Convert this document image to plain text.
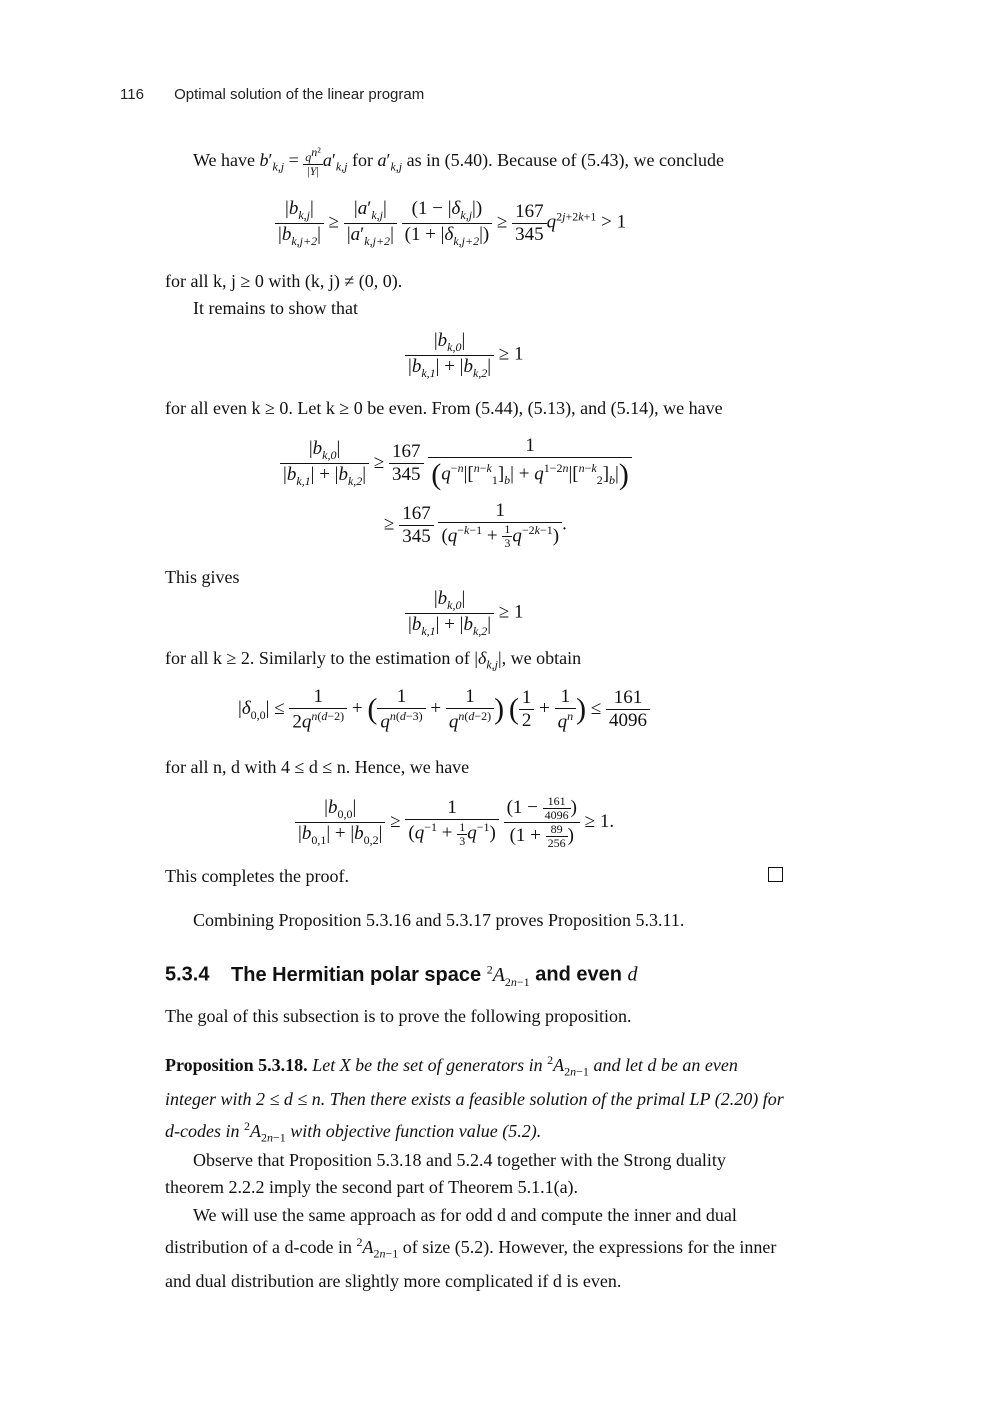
116 Optimal solution of the linear program
We have $b'_{k,j} = \frac{q^{n^2}}{|Y|} a'_{k,j}$ for $a'_{k,j}$ as in (5.40). Because of (5.43), we conclude
$\frac{|b_{k,j}|}{|b_{k,j+2}|} \ge \frac{|a'_{k,j}|}{|a'_{k,j+2}|}$
$\frac{(1 - |\delta_{k,j}|)}{(1 + |\delta_{k,j+2}|)} \ge \frac{167}{345} q^{2j+2k+1} > 1$
for all k, j ≥ 0 with (k, j) ≠ (0, 0).
It remains to show that
$\frac{|b_{k,0}|}{|b_{k,1}| + |b_{k,2}|} \ge 1$
for all even k ≥ 0. Let k ≥ 0 be even. From (5.44), (5.13), and (5.14), we have
$\frac{|b_{k,0}|}{|b_{k,1}| + |b_{k,2}|} \ge \frac{167}{345}$
$\frac{1}{(q^{-n}|[^{n-k}_1]_b| + q^{1-2n}|[^{n-k}_2]_b|)}$
≥ $\frac{167}{345}$
$\frac{1}{(q^{-k-1} + \frac{1}{3} q^{-2k-1})}$ .
This gives
$\frac{|b_{k,0}|}{|b_{k,1}| + |b_{k,2}|} \ge 1$
for all k ≥ 2. Similarly to the estimation of $|\delta_{k,j}|$, we obtain
$|\delta_{0,0}| \le \frac{1}{2q^{n(d-2)}}$ + ( $\frac{1}{q^{n(d-3)}} + \frac{1}{q^{n(d-2)}}$ ) ( $\frac{1}{2} + \frac{1}{q^n}$ ) ≤ $\frac{161}{4096}$
for all n, d with 4 ≤ d ≤ n. Hence, we have
$\frac{|b_{0,0}|}{|b_{0,1}| + |b_{0,2}|} \ge \frac{1}{(q^{-1} + \frac{1}{3} q^{-1})}$
$\frac{(1 - \frac{161}{4096} )}{(1 + \frac{89}{256} )} \ge 1$.
This completes the proof.
Combining Proposition 5.3.16 and 5.3.17 proves Proposition 5.3.11.
5.3.4 The Hermitian polar space $^2A_{2n-1}$ and even d
The goal of this subsection is to prove the following proposition.
Proposition 5.3.18. Let X be the set of generators in $^2A_{2n-1}$ and let d be an even integer with 2 ≤ d ≤ n. Then there exists a feasible solution of the primal LP (2.20) for d-codes in $^2A_{2n-1}$ with objective function value (5.2).
Observe that Proposition 5.3.18 and 5.2.4 together with the Strong duality theorem 2.2.2 imply the second part of Theorem 5.1.1(a).
We will use the same approach as for odd d and compute the inner and dual distribution of a d-code in $^2A_{2n-1}$ of size (5.2). However, the expressions for the inner and dual distribution are slightly more complicated if d is even.
